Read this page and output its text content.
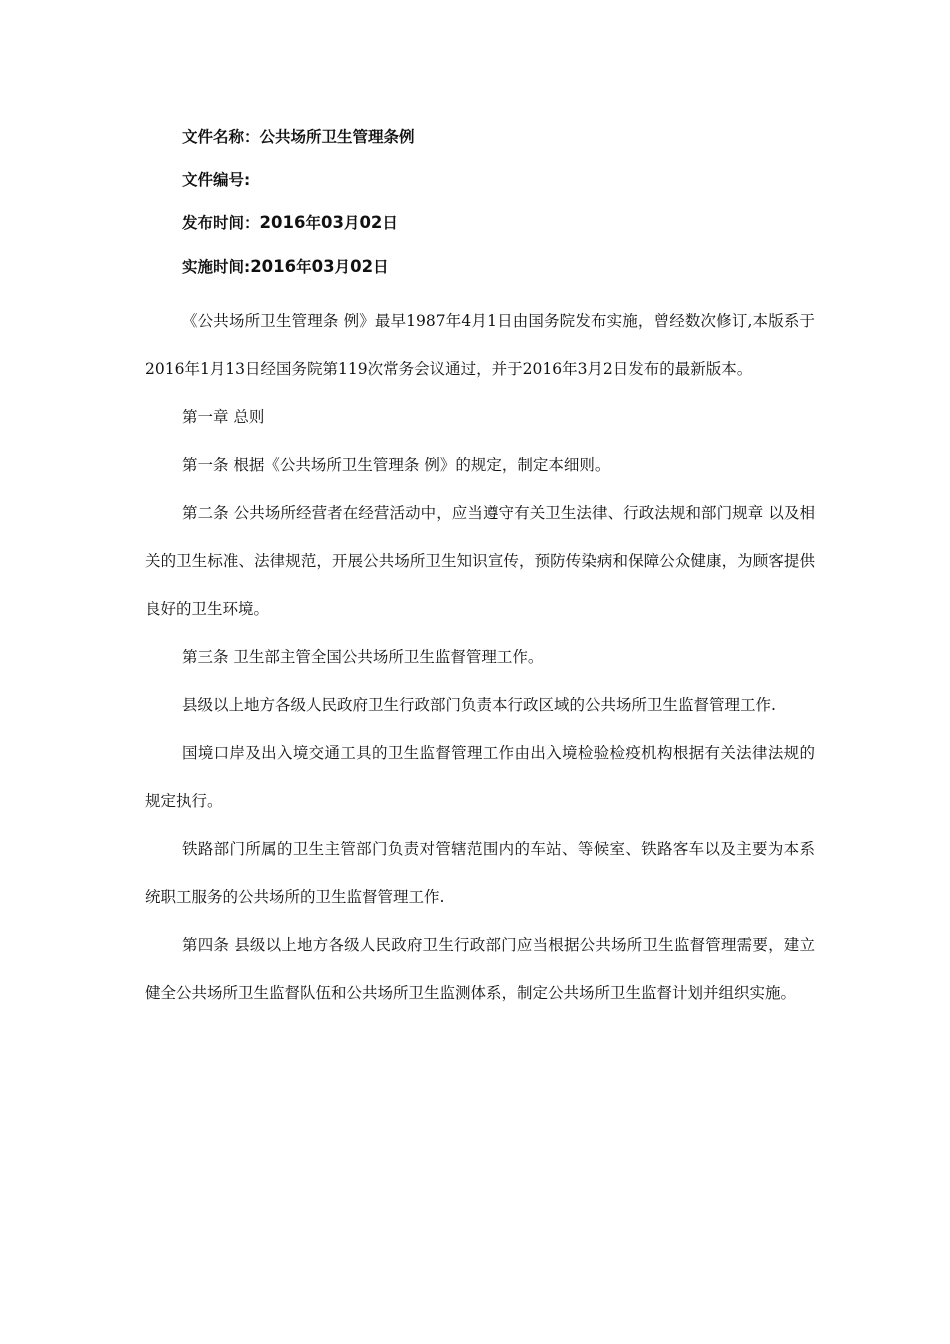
文件名称：公共场所卫生管理条例

文件编号:

发布时间：2016年03月02日

实施时间:2016年03月02日

《公共场所卫生管理条 例》最早1987年4月1日由国务院发布实施，曾经数次修订,本版系于2016年1月13日经国务院第119次常务会议通过，并于2016年3月2日发布的最新版本。

第一章 总则

第一条 根据《公共场所卫生管理条 例》的规定，制定本细则。

第二条 公共场所经营者在经营活动中，应当遵守有关卫生法律、行政法规和部门规章 以及相关的卫生标准、法律规范，开展公共场所卫生知识宣传，预防传染病和保障公众健康，为顾客提供良好的卫生环境。

第三条 卫生部主管全国公共场所卫生监督管理工作。

县级以上地方各级人民政府卫生行政部门负责本行政区域的公共场所卫生监督管理工作.

国境口岸及出入境交通工具的卫生监督管理工作由出入境检验检疫机构根据有关法律法规的规定执行。

铁路部门所属的卫生主管部门负责对管辖范围内的车站、等候室、铁路客车以及主要为本系统职工服务的公共场所的卫生监督管理工作.

第四条 县级以上地方各级人民政府卫生行政部门应当根据公共场所卫生监督管理需要，建立健全公共场所卫生监督队伍和公共场所卫生监测体系，制定公共场所卫生监督计划并组织实施。
